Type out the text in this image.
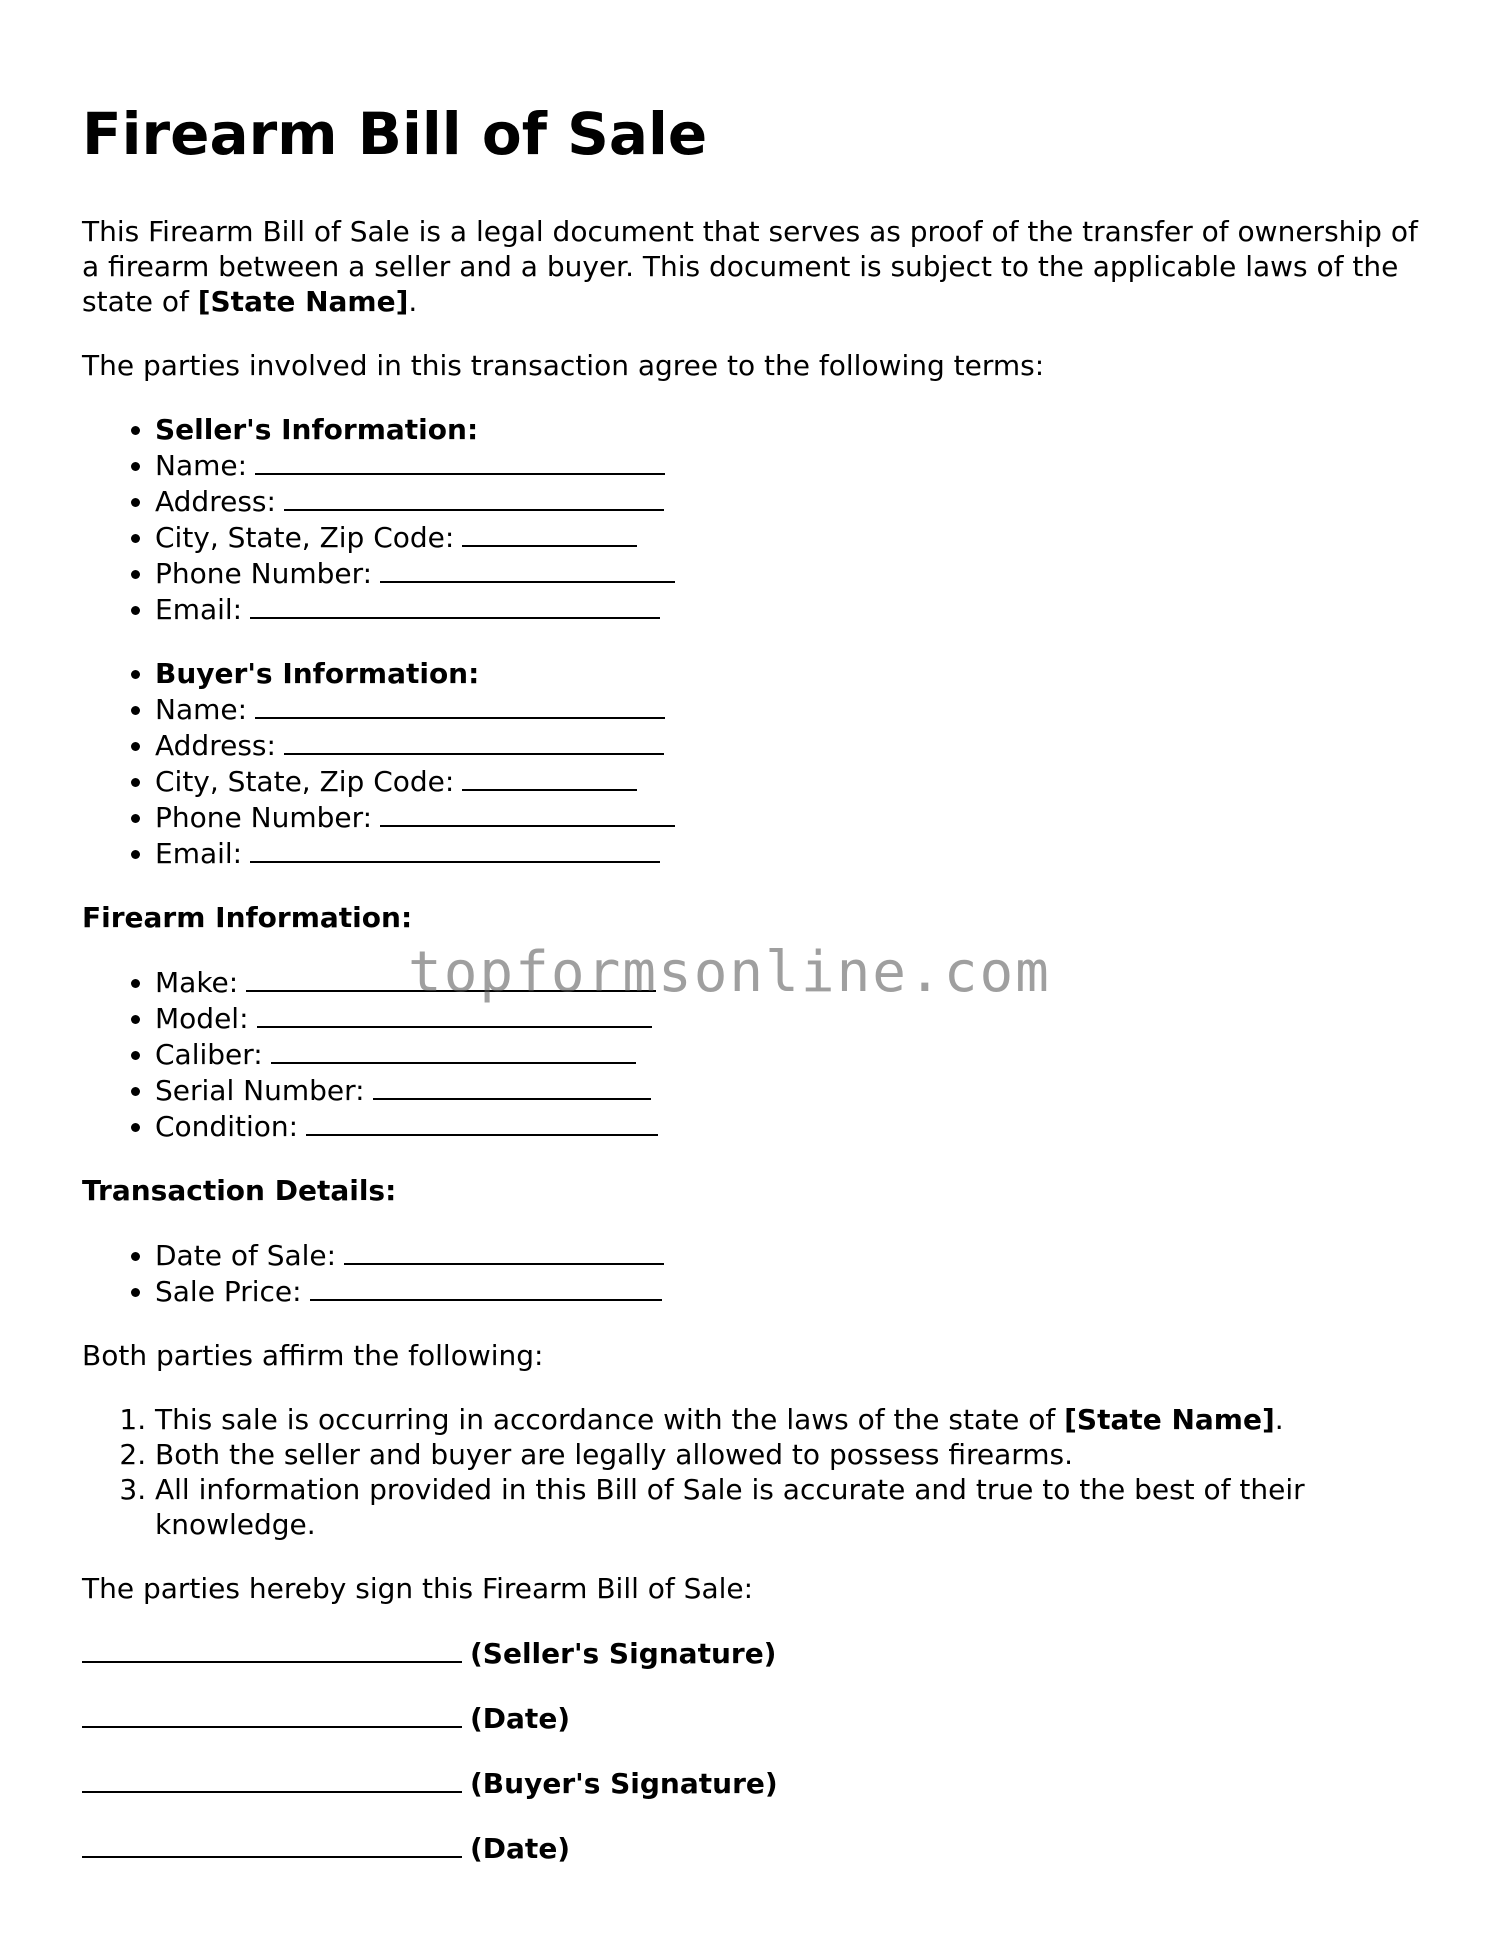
Firearm Bill of Sale

This Firearm Bill of Sale is a legal document that serves as proof of the transfer of ownership of a firearm between a seller and a buyer. This document is subject to the applicable laws of the state of [State Name].

The parties involved in this transaction agree to the following terms:

• Seller's Information:
• Name:
• Address:
• City, State, Zip Code:
• Phone Number:
• Email:
• Buyer's Information:
• Name:
• Address:
• City, State, Zip Code:
• Phone Number:
• Email:
Firearm Information:
• Make:
• Model:
• Caliber:
• Serial Number:
• Condition:
Transaction Details:
• Date of Sale:
• Sale Price:

Both parties affirm the following:

1. This sale is occurring in accordance with the laws of the state of [State Name].
2. Both the seller and buyer are legally allowed to possess firearms.
3. All information provided in this Bill of Sale is accurate and true to the best of their knowledge.

The parties hereby sign this Firearm Bill of Sale:

(Seller's Signature)
(Date)
(Buyer's Signature)
(Date)
topformsonline.com
